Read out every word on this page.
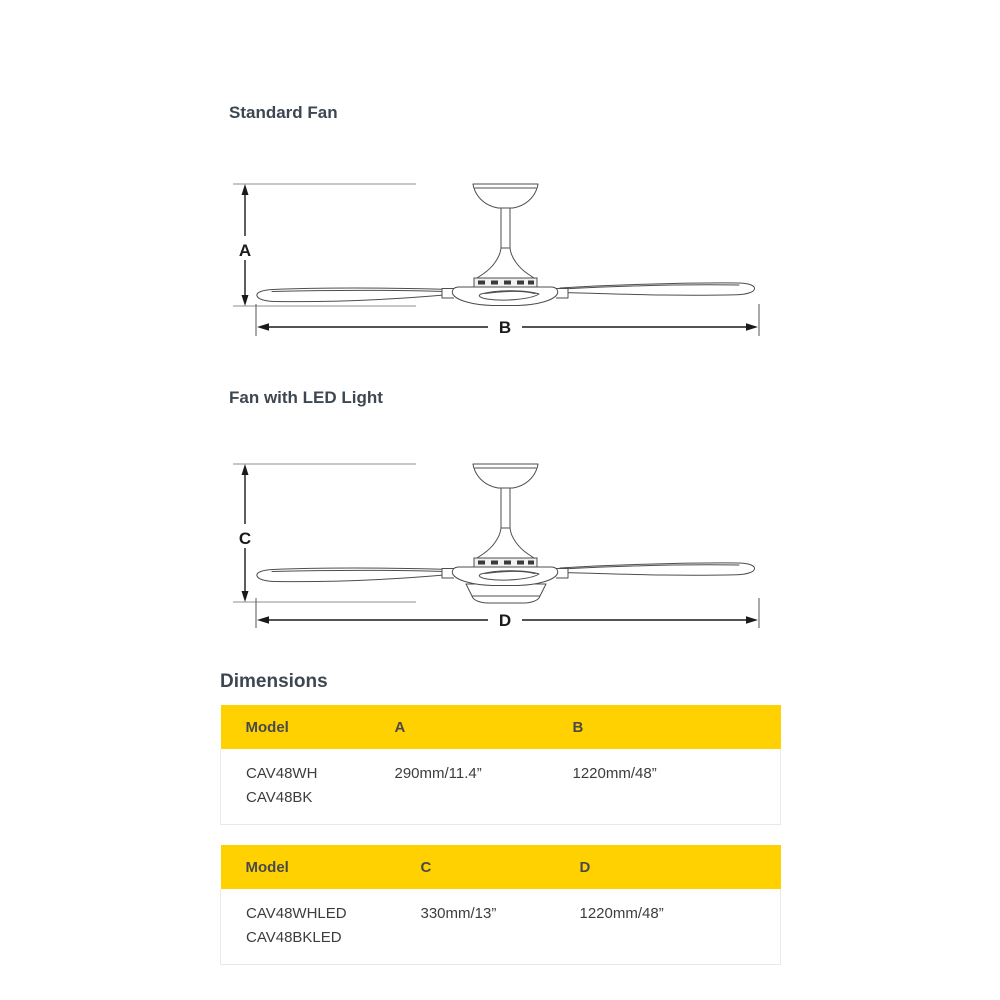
Standard Fan
A
B
Fan with LED Light
C
D
Dimensions
Model	A	B

CAV48WH
CAV48BK	290mm/11.4”	1220mm/48”
Model	C	D

CAV48WHLED
CAV48BKLED	330mm/13”	1220mm/48”
